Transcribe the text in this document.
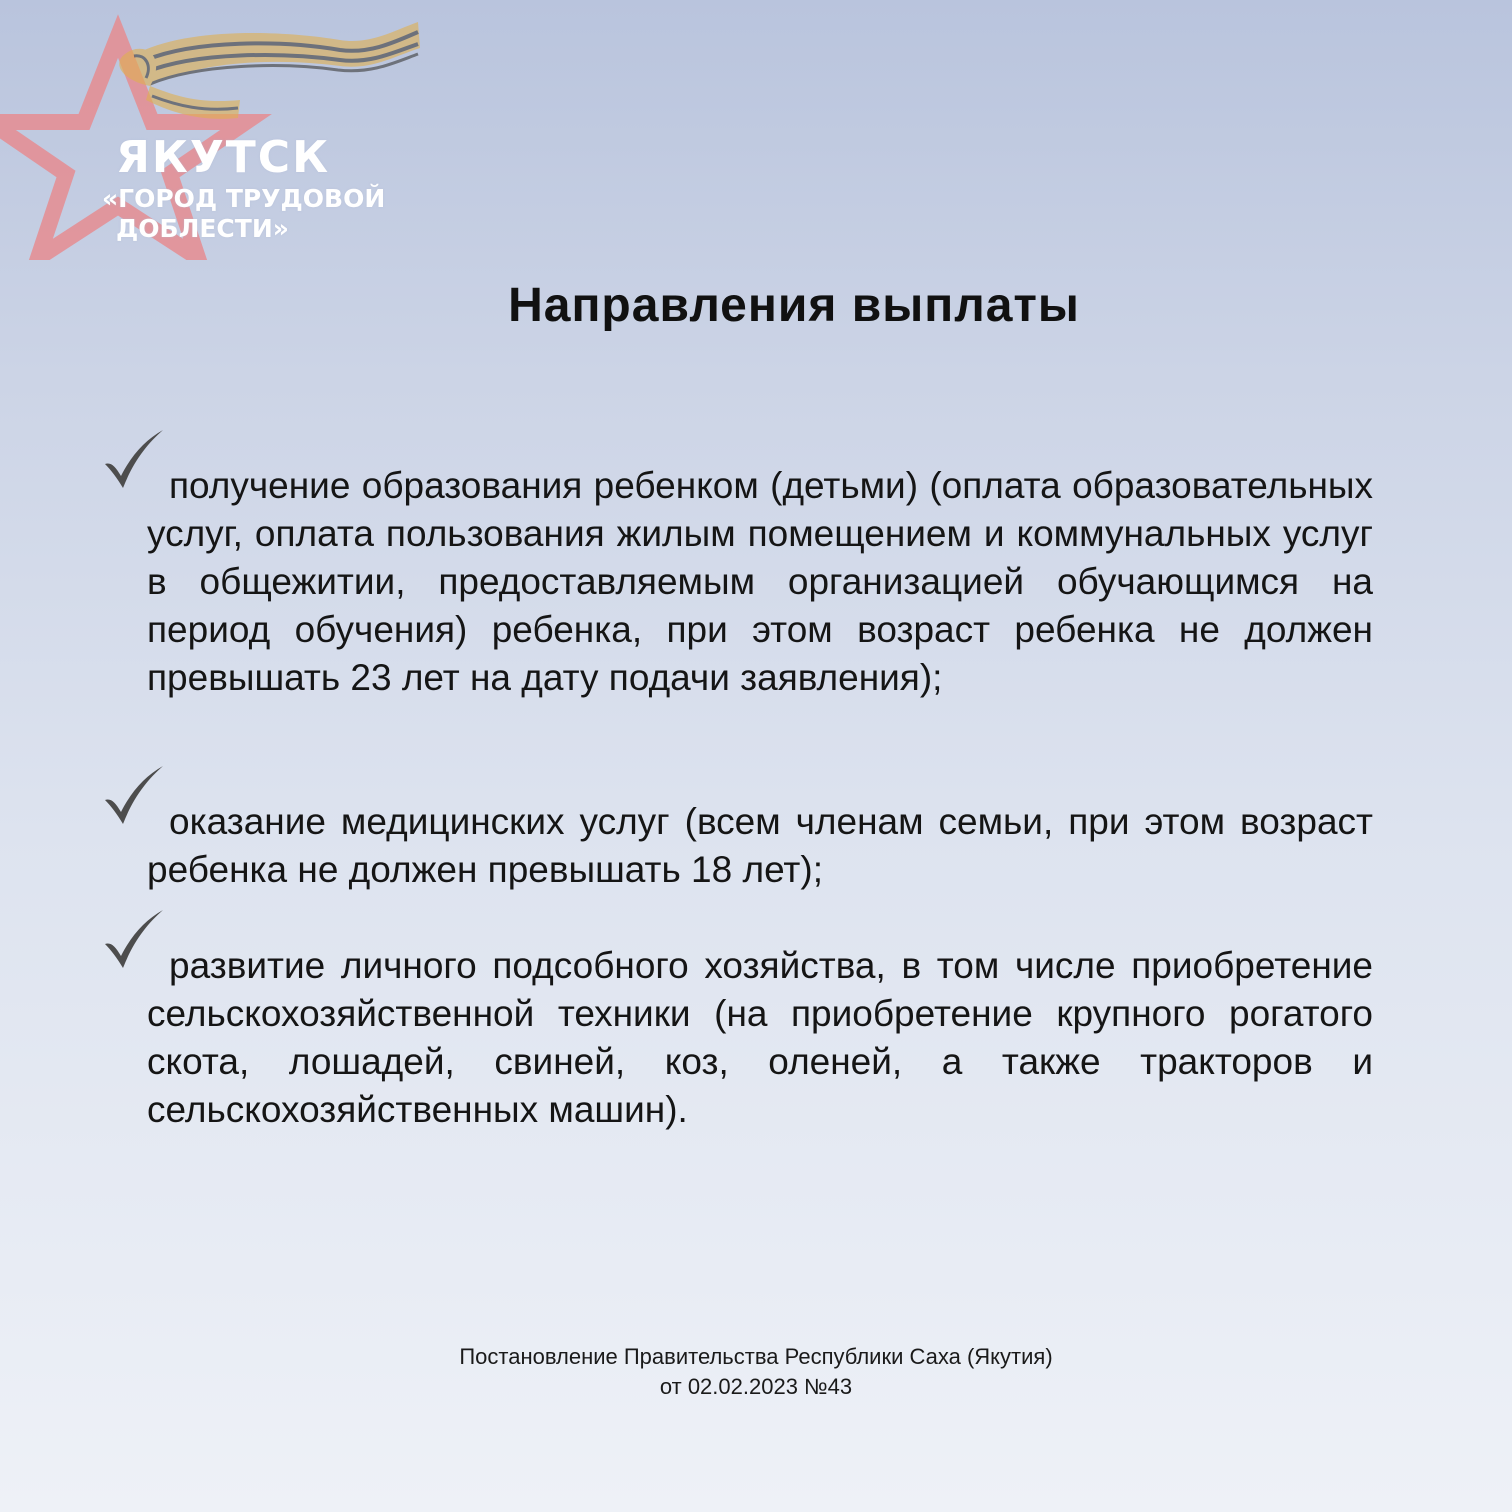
ЯКУТСК
«ГОРОД ТРУДОВОЙ
ДОБЛЕСТИ»
Направления выплаты
получение образования ребенком (детьми) (оплата образовательных услуг, оплата пользования жилым помещением и коммунальных услуг в общежитии, предоставляемым организацией обучающимся на период обучения) ребенка, при этом возраст ребенка не должен превышать 23 лет на дату подачи заявления);
оказание медицинских услуг (всем членам семьи, при этом возраст ребенка не должен превышать 18 лет);
развитие личного подсобного хозяйства, в том числе приобретение сельскохозяйственной техники (на приобретение крупного рогатого скота, лошадей, свиней, коз, оленей, а также тракторов и сельскохозяйственных машин).
Постановление Правительства Республики Саха (Якутия)
от 02.02.2023 №43
